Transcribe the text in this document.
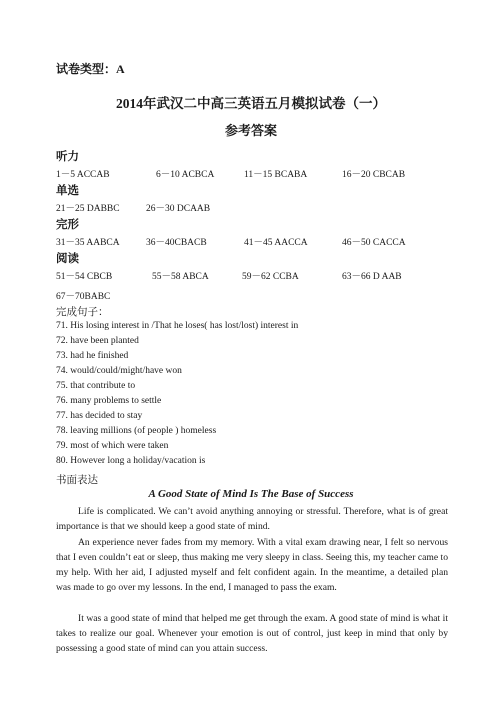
试卷类型：A
2014年武汉二中高三英语五月模拟试卷（一）
参考答案
听力
1－5 ACCAB	6－10 ACBCA	11－15 BCABA	16－20 CBCAB
单选
21－25 DABBC	26－30 DCAAB
完形
31－35 AABCA	36－40CBACB	41－45 AACCA	46－50 CACCA
阅读
51－54 CBCB	55－58 ABCA	59－62 CCBA	63－66 D AAB
67－70BABC
完成句子：
71. His losing interest in /That he loses( has lost/lost) interest in
72. have been planted
73. had he finished
74. would/could/might/have won
75. that contribute to
76. many problems to settle
77. has decided to stay
78. leaving millions (of people ) homeless
79. most of which were taken
80. However long a holiday/vacation is
书面表达
A Good State of Mind Is The Base of Success

Life is complicated. We can’t avoid anything annoying or stressful. Therefore, what is of great importance is that we should keep a good state of mind.

An experience never fades from my memory. With a vital exam drawing near, I felt so nervous that I even couldn’t eat or sleep, thus making me very sleepy in class. Seeing this, my teacher came to my help. With her aid, I adjusted myself and felt confident again. In the meantime, a detailed plan was made to go over my lessons. In the end, I managed to pass the exam.

It was a good state of mind that helped me get through the exam. A good state of mind is what it takes to realize our goal. Whenever your emotion is out of control, just keep in mind that only by possessing a good state of mind can you attain success.
